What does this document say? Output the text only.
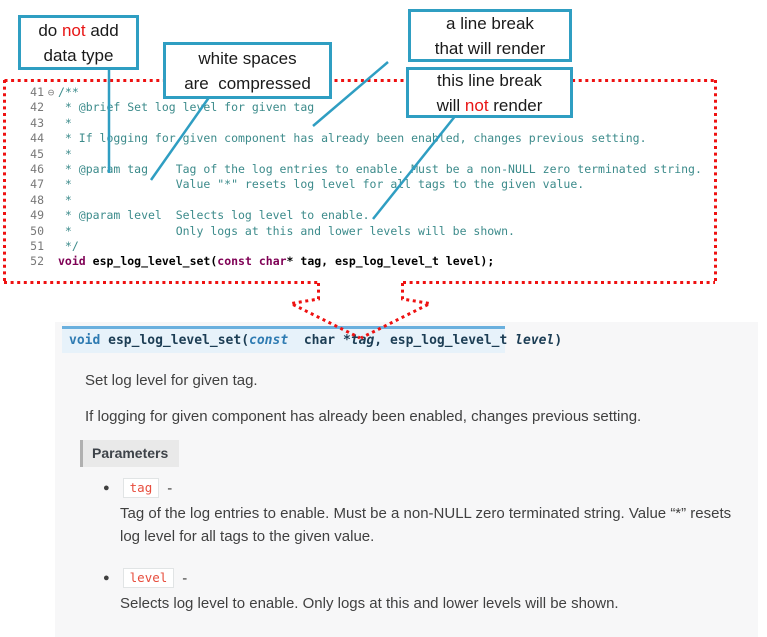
41 ⊖ /**
42 * @brief Set log level for given tag
43 *
44 * If logging for given component has already been enabled, changes previous setting.
45 *
46 * @param tag    Tag of the log entries to enable. Must be a non-NULL zero terminated string.
47 *               Value "*" resets log level for all tags to the given value.
48 *
49 * @param level  Selects log level to enable.
50 *               Only logs at this and lower levels will be shown.
51 */
52 void esp_log_level_set(const char* tag, esp_log_level_t level);
do not add
data type	white spaces
are  compressed
a line break
that will render
this line break
will not render
void esp_log_level_set(const  char *tag, esp_log_level_t level)
Set log level for given tag.
If logging for given component has already been enabled, changes previous setting.
Parameters
●	tag	-
Tag of the log entries to enable. Must be a non-NULL zero terminated string. Value “*” resets log level for all tags to the given value.
●	level	-
Selects log level to enable. Only logs at this and lower levels will be shown.
